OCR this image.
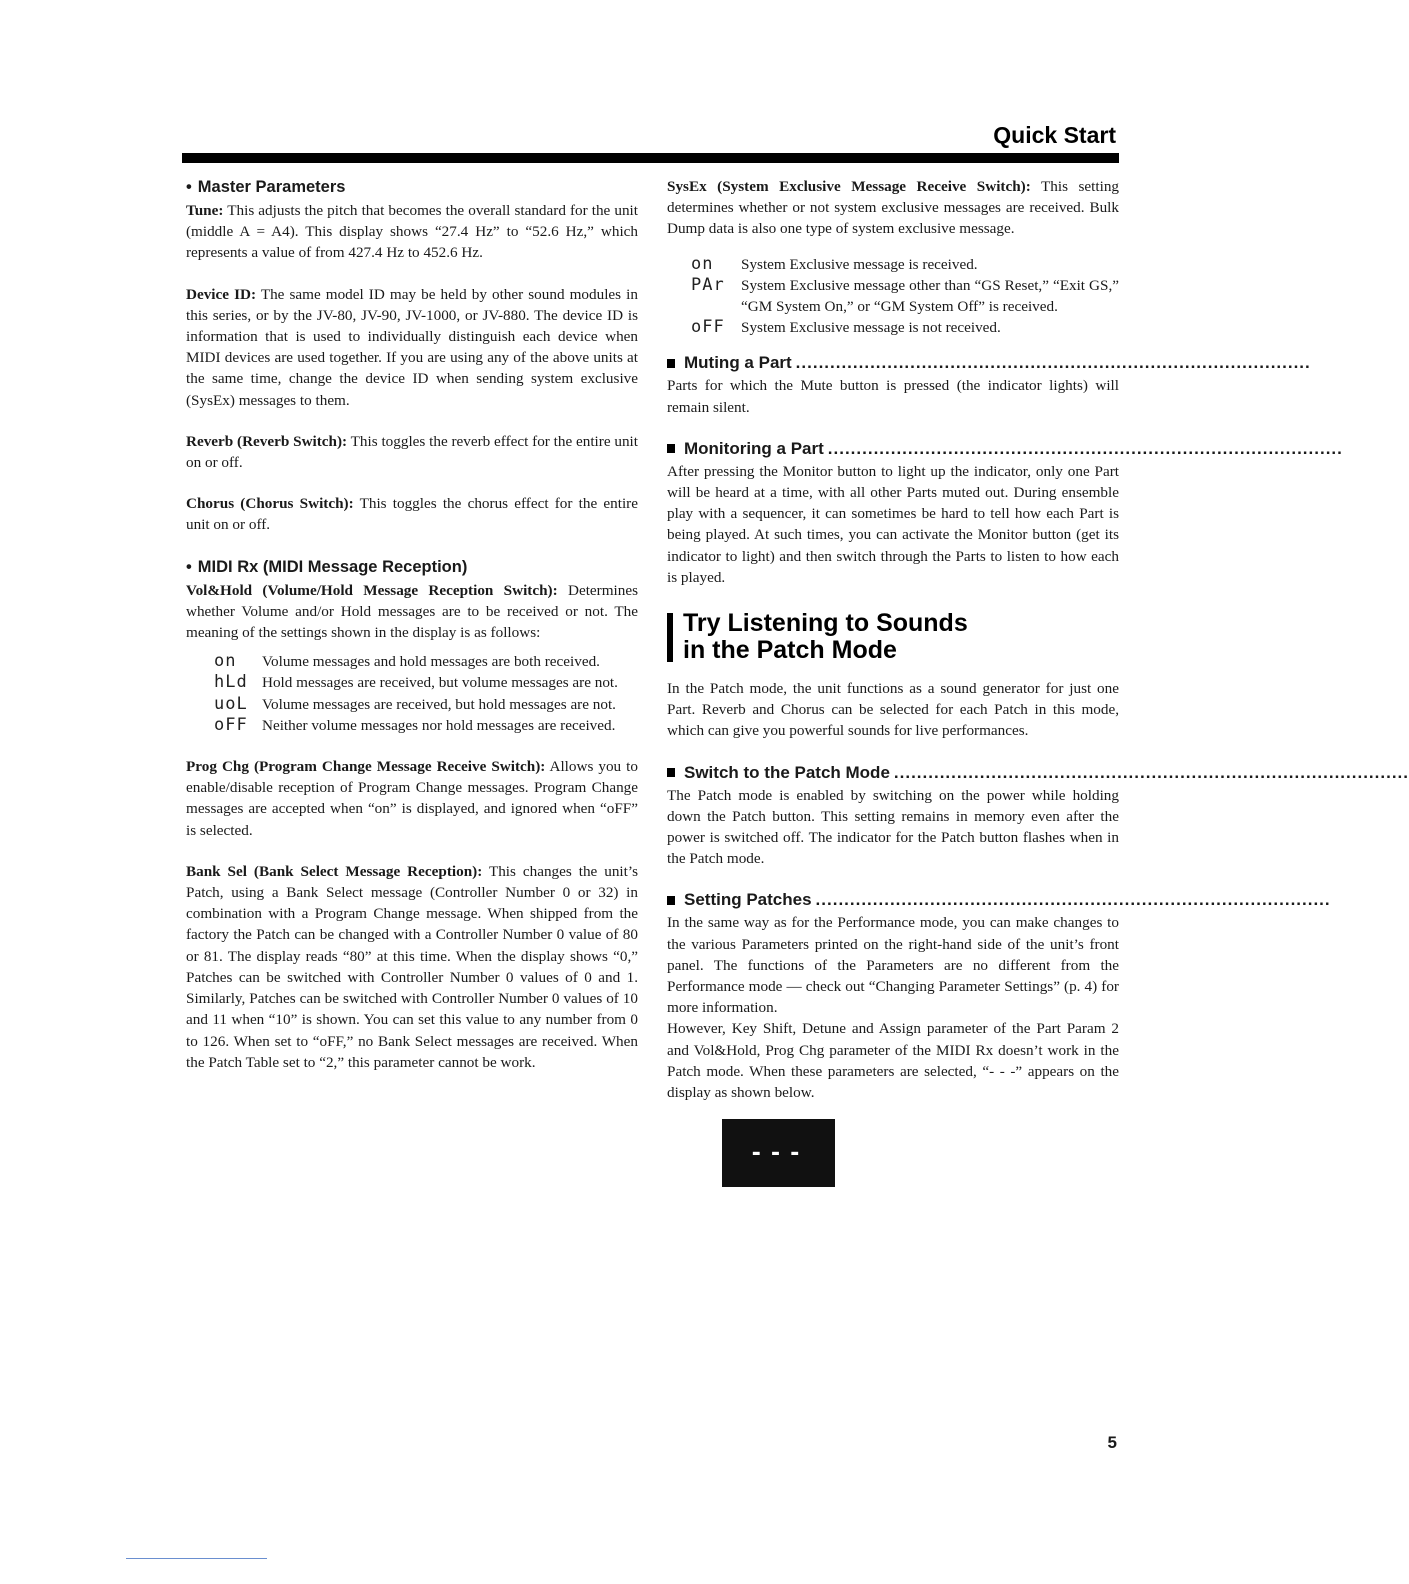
Quick Start
• Master Parameters

Tune: This adjusts the pitch that becomes the overall standard for the unit (middle A = A4). This display shows “27.4 Hz” to “52.6 Hz,” which represents a value of from 427.4 Hz to 452.6 Hz.

Device ID: The same model ID may be held by other sound modules in this series, or by the JV-80, JV-90, JV-1000, or JV-880. The device ID is information that is used to individually distinguish each device when MIDI devices are used together. If you are using any of the above units at the same time, change the device ID when sending system exclusive (SysEx) messages to them.

Reverb (Reverb Switch): This toggles the reverb effect for the entire unit on or off.

Chorus (Chorus Switch): This toggles the chorus effect for the entire unit on or off.

• MIDI Rx (MIDI Message Reception)

Vol&Hold (Volume/Hold Message Reception Switch): Determines whether Volume and/or Hold messages are to be received or not. The meaning of the settings shown in the display is as follows:

on	Volume messages and hold messages are both received.
hLd Hold messages are received, but volume messages are not.
uoL Volume messages are received, but hold messages are not.
oFF Neither volume messages nor hold messages are received.

Prog Chg (Program Change Message Receive Switch): Allows you to enable/disable reception of Program Change messages. Program Change messages are accepted when “on” is displayed, and ignored when “oFF” is selected.

Bank Sel (Bank Select Message Reception): This changes the unit’s Patch, using a Bank Select message (Controller Number 0 or 32) in combination with a Program Change message. When shipped from the factory the Patch can be changed with a Controller Number 0 value of 80 or 81. The display reads “80” at this time. When the display shows “0,” Patches can be switched with Controller Number 0 values of 0 and 1. Similarly, Patches can be switched with Controller Number 0 values of 10 and 11 when “10” is shown. You can set this value to any number from 0 to 126. When set to “oFF,” no Bank Select messages are received. When the Patch Table set to “2,” this parameter cannot be work.

SysEx (System Exclusive Message Receive Switch): This setting determines whether or not system exclusive messages are received. Bulk Dump data is also one type of system exclusive message.

on	System Exclusive message is received.
PAr	System Exclusive message other than “GS Reset,” “Exit GS,” “GM System On,” or “GM System Off” is received.
oFF	System Exclusive message is not received.
Muting a Part ..........................................................................................

Parts for which the Mute button is pressed (the indicator lights) will remain silent.

Monitoring a Part ..........................................................................................

After pressing the Monitor button to light up the indicator, only one Part will be heard at a time, with all other Parts muted out. During ensemble play with a sequencer, it can sometimes be hard to tell how each Part is being played. At such times, you can activate the Monitor button (get its indicator to light) and then switch through the Parts to listen to how each is played.

Try Listening to Sounds
in the Patch Mode

In the Patch mode, the unit functions as a sound generator for just one Part. Reverb and Chorus can be selected for each Patch in this mode, which can give you powerful sounds for live performances.

Switch to the Patch Mode ..........................................................................................

The Patch mode is enabled by switching on the power while holding down the Patch button. This setting remains in memory even after the power is switched off. The indicator for the Patch button flashes when in the Patch mode.

Setting Patches ..........................................................................................

In the same way as for the Performance mode, you can make changes to the various Parameters printed on the right-hand side of the unit’s front panel. The functions of the Parameters are no different from the Performance mode — check out “Changing Parameter Settings” (p. 4) for more information.

However, Key Shift, Detune and Assign parameter of the Part Param 2 and Vol&Hold, Prog Chg parameter of the MIDI Rx doesn’t work in the Patch mode. When these parameters are selected, “- - -” appears on the display as shown below.

---
5
